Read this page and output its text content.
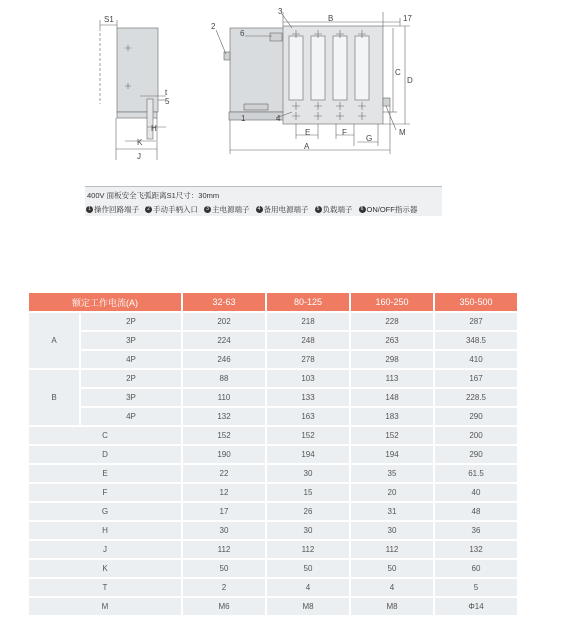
S1
t
5
H
K
J
2
3
B	17
6
C
D
1	4
E	F
G
M
A
400V 面板安全飞弧距离S1尺寸：30mm
1 操作回路端子	2 手动手柄入口	3 主电源端子	4 备用电源端子	5 负载端子	6 ON/OFF指示器
额定工作电流(A)		32-63	80-125	160-250	350-500
A	2P	202	218	228	287
	3P	224	248	263	348.5
	4P	246	278	298	410
B	2P	88	103	113	167
	3P	110	133	148	228.5
	4P	132	163	183	290
C		152	152	152	200
D		190	194	194	290
E		22	30	35	61.5
F		12	15	20	40
G		17	26	31	48
H		30	30	30	36
J		112	112	112	132
K		50	50	50	60
T		2	4	4	5
M		M6	M8	M8	Φ14
